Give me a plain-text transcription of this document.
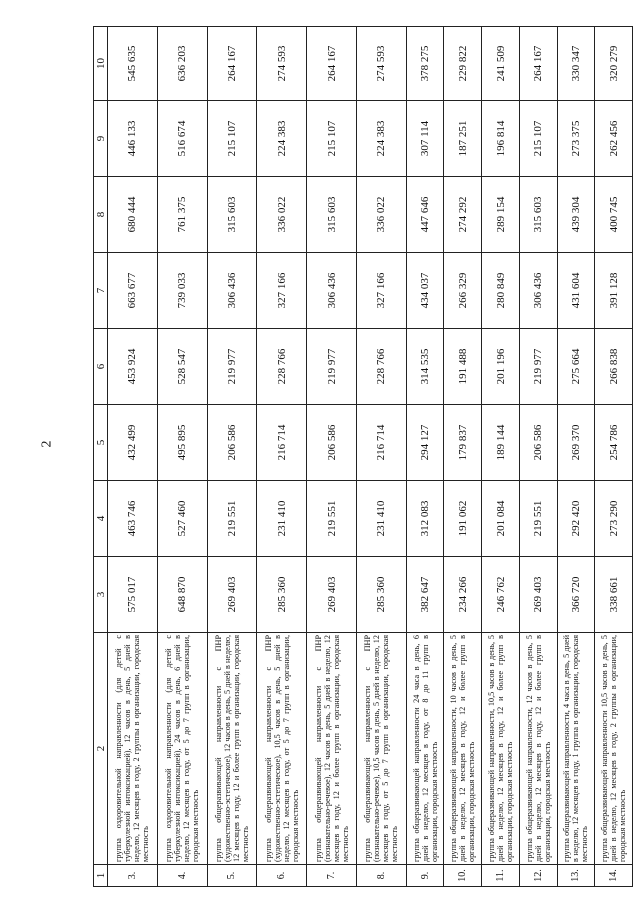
2
1	2	3	4	5	6	7	8	9	10
3.	группа оздоровительной направленности (для детей с туберкулезной интоксикацией), 12 часов в день, 5 дней в неделю, 12 месяцев в году, 2 группы в организации, городская местность	575 017	463 746	432 499	453 924	663 677	680 444	446 133	545 635
4.	группа оздоровительной направленности (для детей с туберкулезной интоксикацией), 24 часов в день, 6 дней в неделю, 12 месяцев в году, от 5 до 7 групп в организации, городская местность	648 870	527 460	495 895	528 547	739 033	761 375	516 674	636 203
5.	группа общеразвивающей направленности с ПНР (художественно-эстетическое), 12 часов в день, 5 дней в неделю, 12 месяцев в году, 12 и более групп в организации, городская местность	269 403	219 551	206 586	219 977	306 436	315 603	215 107	264 167
6.	группа общеразвивающей направленности с ПНР (художественно-эстетическое), 10,5 часов в день, 5 дней в неделю, 12 месяцев в году, от 5 до 7 групп в организации, городская местность	285 360	231 410	216 714	228 766	327 166	336 022	224 383	274 593
7.	группа общеразвивающей направленности с ПНР (познавательно-речевое), 12 часов в день, 5 дней в неделю, 12 месяцев в году, 12 и более групп в организации, городская местность	269 403	219 551	206 586	219 977	306 436	315 603	215 107	264 167
8.	группа общеразвивающей направленности с ПНР (познавательно-речевое), 10,5 часов в день, 5 дней в неделю, 12 месяцев в году, от 5 до 7 групп в организации, городская местность	285 360	231 410	216 714	228 766	327 166	336 022	224 383	274 593
9.	группа общеразвивающей направленности 24 часа в день, 6 дней в неделю, 12 месяцев в году, от 8 до 11 групп в организации, городская местность	382 647	312 083	294 127	314 535	434 037	447 646	307 114	378 275
10.	группа общеразвивающей направленности, 10 часов в день, 5 дней в неделю, 12 месяцев в году, 12 и более групп в организации, городская местность	234 266	191 062	179 837	191 488	266 329	274 292	187 251	229 822
11.	группа общеразвивающей направленности, 10,5 часов в день, 5 дней в неделю, 12 месяцев в году, 12 и более групп в организации, городская местность	246 762	201 084	189 144	201 196	280 849	289 154	196 814	241 509
12.	группа общеразвивающей направленности, 12 часов в день, 5 дней в неделю, 12 месяцев в году, 12 и более групп в организации, городская местность	269 403	219 551	206 586	219 977	306 436	315 603	215 107	264 167
13.	группа общеразвивающей направленности, 4 часа в день, 5 дней в неделю, 12 месяцев в году, 1 группа в организации, городская местность	366 720	292 420	269 370	275 664	431 604	439 304	273 375	330 347
14.	группа общеразвивающей направленности 10,5 часов в день, 5 дней в неделю, 12 месяцев в году, 2 группы в организации, городская местность	338 661	273 290	254 786	266 838	391 128	400 745	262 456	320 279
